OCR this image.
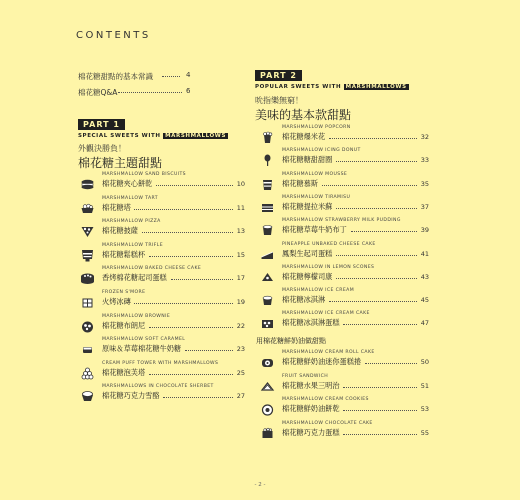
CONTENTS
棉花糖甜點的基本常識	4
棉花糖Q&A	6
PART 1
SPECIAL SWEETS WITH MARSHMALLOWS
外觀決勝負！
棉花糖主題甜點
MARSHMALLOW SAND BISCUITS
棉花糖夾心餅乾	10
MARSHMALLOW TART
棉花糖塔	11
MARSHMALLOW PIZZA
棉花糖披薩	13
MARSHMALLOW TRIFLE
棉花糖鬆糕杯	15
MARSHMALLOW BAKED CHEESE CAKE
香烤棉花糖起司蛋糕	17
FROZEN S'MORE
火烤冰磚	19
MARSHMALLOW BROWNIE
棉花糖布朗尼	22
MARSHMALLOW SOFT CARAMEL
原味＆草莓棉花糖牛奶糖	23
CREAM PUFF TOWER WITH MARSHMALLOWS
棉花糖泡芙塔	25
MARSHMALLOWS IN CHOCOLATE SHERBET
棉花糖巧克力雪酪	27
PART 2
POPULAR SWEETS WITH MARSHMALLOWS
吮指樂無窮！
美味的基本款甜點
MARSHMALLOW POPCORN
棉花糖爆米花	32
MARSHMALLOW ICING DONUT
棉花糖糖甜甜圈	33
MARSHMALLOW MOUSSE
棉花糖慕斯	35
MARSHMALLOW TIRAMISU
棉花糖提拉米蘇	37
MARSHMALLOW STRAWBERRY MILK PUDDING
棉花糖草莓牛奶布丁	39
PINEAPPLE UNBAKED CHEESE CAKE
鳳梨生起司蛋糕	41
MARSHMALLOW IN LEMON SCONES
棉花糖檸檬司康	43
MARSHMALLOW ICE CREAM
棉花糖冰淇淋	45
MARSHMALLOW ICE CREAM CAKE
棉花糖冰淇淋蛋糕	47
用棉花糖鮮奶油做甜點
MARSHMALLOW CREAM ROLL CAKE
棉花糖鮮奶油迷你蛋糕捲	50
FRUIT SANDWICH
棉花糖水果三明治	51
MARSHMALLOW CREAM COOKIES
棉花糖鮮奶油餅乾	53
MARSHMALLOW CHOCOLATE CAKE
棉花糖巧克力蛋糕	55
- 2 -
